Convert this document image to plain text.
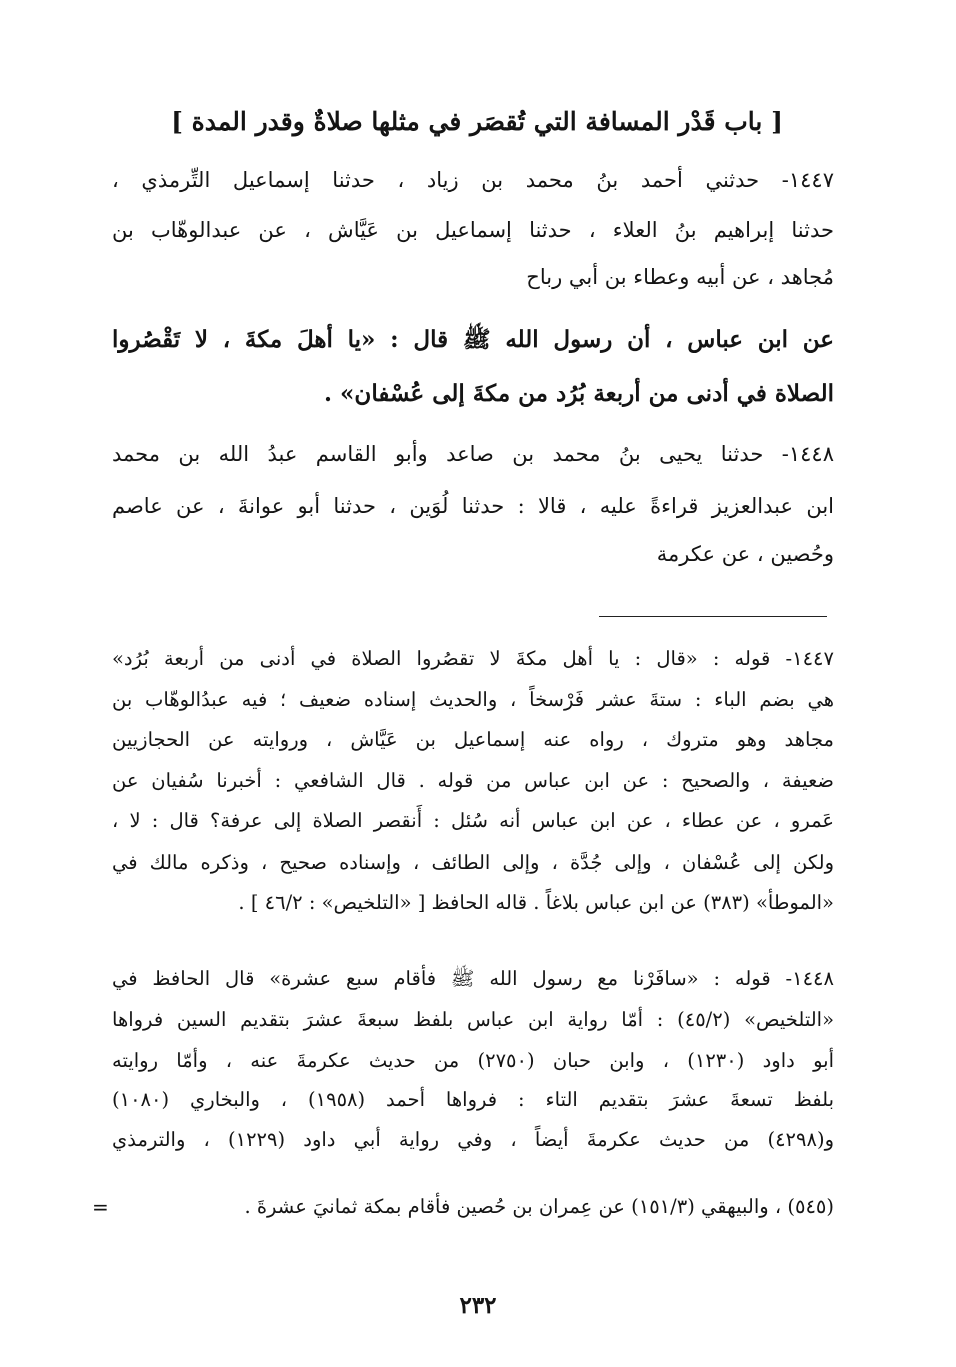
[ باب قَدْر المسافة التي تُقصَر في مثلها صلاةٌ وقدر المدة ]
١٤٤٧- حدثني أحمد بنُ محمد بن زياد ، حدثنا إسماعيل التِّرمذي ،
حدثنا إبراهيم بنُ العلاء ، حدثنا إسماعيل بن عَيَّاش ، عن عبدالوهّاب بن
مُجاهد ، عن أبيه وعطاء بن أبي رباح
عن ابن عباس ، أن رسول الله ﷺ قال : «يا أهلَ مكةَ ، لا تَقْصُروا
الصلاة في أدنى من أربعة بُرُد من مكةَ إلى عُسْفان» .
١٤٤٨- حدثنا يحيى بنُ محمد بن صاعد وأبو القاسم عبدُ الله بن محمد
ابن عبدالعزيز قراءةً عليه ، قالا : حدثنا لُوَين ، حدثنا أبو عوانةَ ، عن عاصم
وحُصين ، عن عكرمة
١٤٤٧- قوله : «قال : يا أهل مكةَ لا تقصُروا الصلاة في أدنى من أربعة بُرُد»
هي بضم الباء : ستةَ عشر فَرْسخاً ، والحديث إسناده ضعيف ؛ فيه عبدُالوهّاب بن
مجاهد وهو متروك ، رواه عنه إسماعيل بن عَيَّاش ، وروايته عن الحجازيين
ضعيفة ، والصحيح : عن ابن عباس من قوله . قال الشافعي : أخبرنا سُفيان عن
عَمرو ، عن عطاء ، عن ابن عباس أنه سُئل : أَنقصر الصلاة إلى عرفة؟ قال : لا ،
ولكن إلى عُسْفان ، وإلى جُدَّة ، وإلى الطائف ، وإسناده صحيح ، وذكره مالك في
«الموطأ» (٣٨٣) عن ابن عباس بلاغاً . قاله الحافظ [ «التلخيص» : ٤٦/٢ ] .
١٤٤٨- قوله : «سافَرْنا مع رسول الله ﷺ فأقام سبع عشرة» قال الحافظ في
«التلخيص» (٤٥/٢) : أمّا رواية ابن عباس بلفظ سبعةَ عشرَ بتقديم السين فرواها
أبو داود (١٢٣٠) ، وابن حبان (٢٧٥٠) من حديث عكرمةَ عنه ، وأمّا روايته
بلفظ تسعةَ عشرَ بتقديم التاء : فرواها أحمد (١٩٥٨) ، والبخاري (١٠٨٠)
و(٤٢٩٨) من حديث عكرمةَ أيضاً ، وفي رواية أبي داود (١٢٢٩) ، والترمذي
(٥٤٥) ، والبيهقي (١٥١/٣) عن عِمران بن حُصين فأقام بمكة ثمانيَ عشرةَ .
=
٢٣٢
